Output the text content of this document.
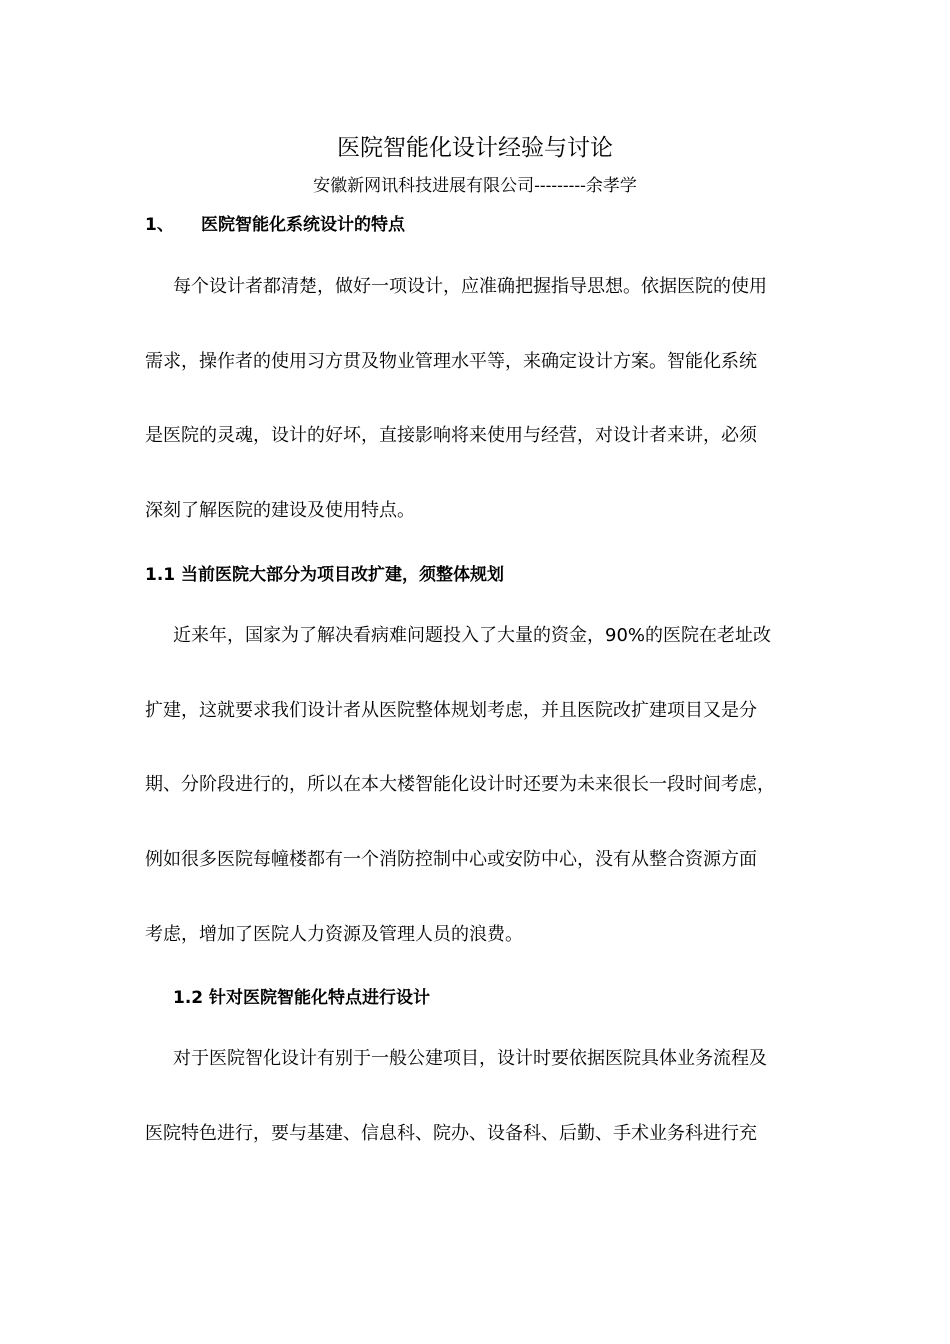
医院智能化设计经验与讨论
安徽新网讯科技进展有限公司---------余孝学
1、 医院智能化系统设计的特点
每个设计者都清楚，做好一项设计，应准确把握指导思想。依据医院的使用
需求，操作者的使用习方贯及物业管理水平等，来确定设计方案。智能化系统
是医院的灵魂，设计的好坏，直接影响将来使用与经营，对设计者来讲，必须
深刻了解医院的建设及使用特点。
1.1 当前医院大部分为项目改扩建，须整体规划
近来年，国家为了解决看病难问题投入了大量的资金，90%的医院在老址改
扩建，这就要求我们设计者从医院整体规划考虑，并且医院改扩建项目又是分
期、分阶段进行的，所以在本大楼智能化设计时还要为未来很长一段时间考虑，
例如很多医院每幢楼都有一个消防控制中心或安防中心，没有从整合资源方面
考虑，增加了医院人力资源及管理人员的浪费。
1.2 针对医院智能化特点进行设计
对于医院智化设计有别于一般公建项目，设计时要依据医院具体业务流程及
医院特色进行，要与基建、信息科、院办、设备科、后勤、手术业务科进行充
